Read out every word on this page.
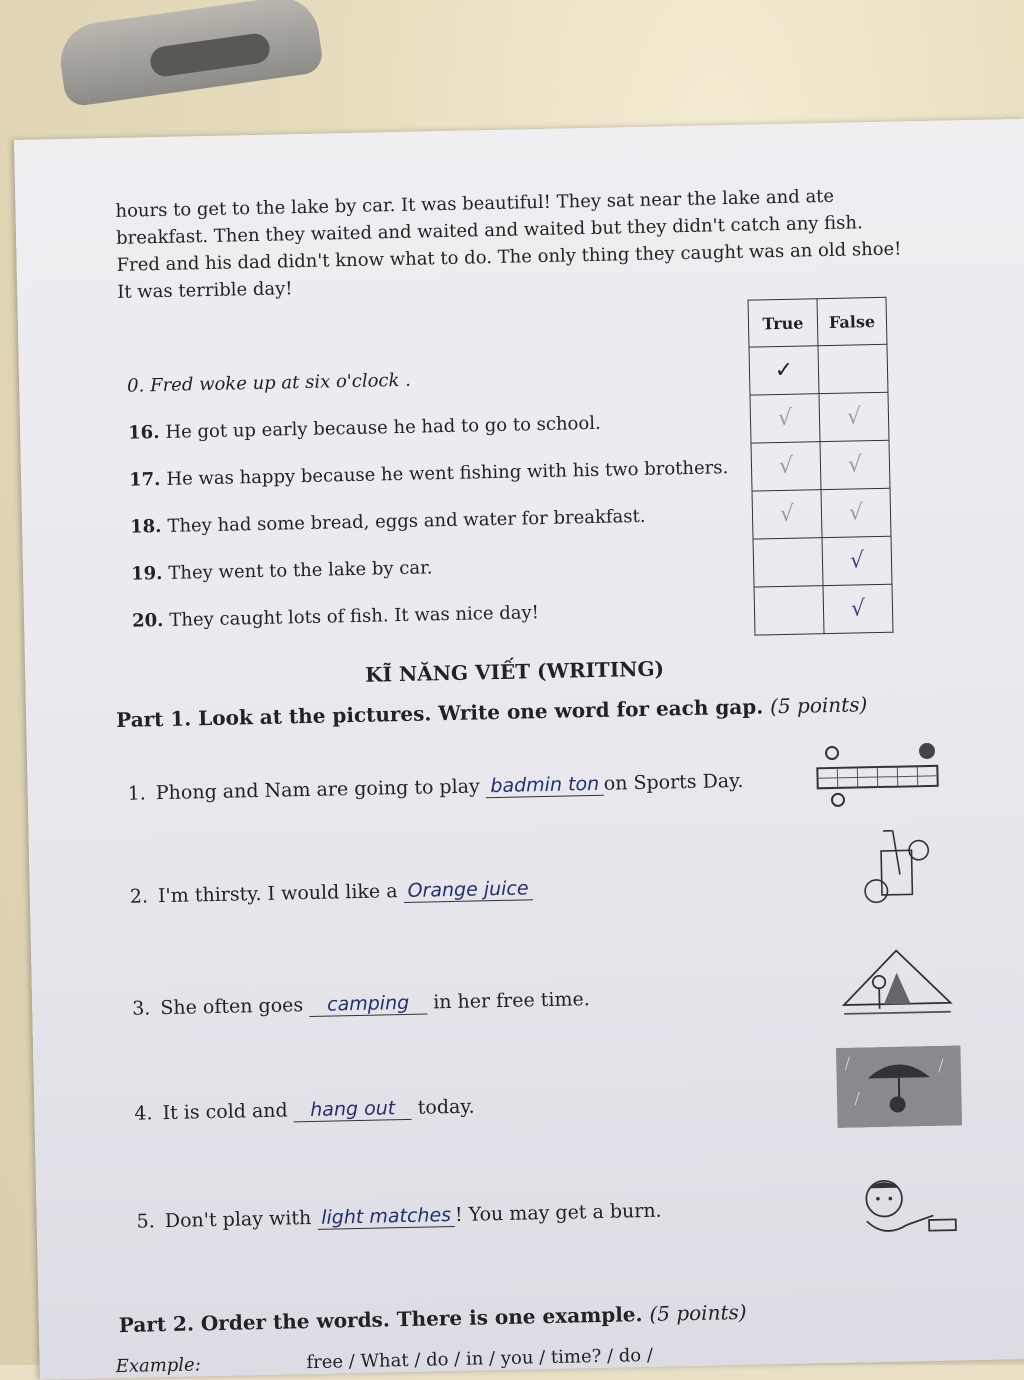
hours to get to the lake by car. It was beautiful! They sat near the lake and ate breakfast. Then they waited and waited and waited but they didn't catch any fish. Fred and his dad didn't know what to do. The only thing they caught was an old shoe! It was terrible day!
True	False
✓	
√	√
√	√
√	√
	√
	√
0. Fred woke up at six o'clock .
16. He got up early because he had to go to school.
17. He was happy because he went fishing with his two brothers.
18. They had some bread, eggs and water for breakfast.
19. They went to the lake by car.
20. They caught lots of fish. It was nice day!
KĨ NĂNG VIẾT (WRITING)
Part 1. Look at the pictures. Write one word for each gap. (5 points)
1. Phong and Nam are going to play badmin ton on Sports Day.
2. I'm thirsty. I would like a Orange juice
3. She often goes camping in her free time.
4. It is cold and hang out today.
5. Don't play with light matches ! You may get a burn.
Part 2. Order the words. There is one example. (5 points)
Example:	free / What / do / in / you / time? / do /
